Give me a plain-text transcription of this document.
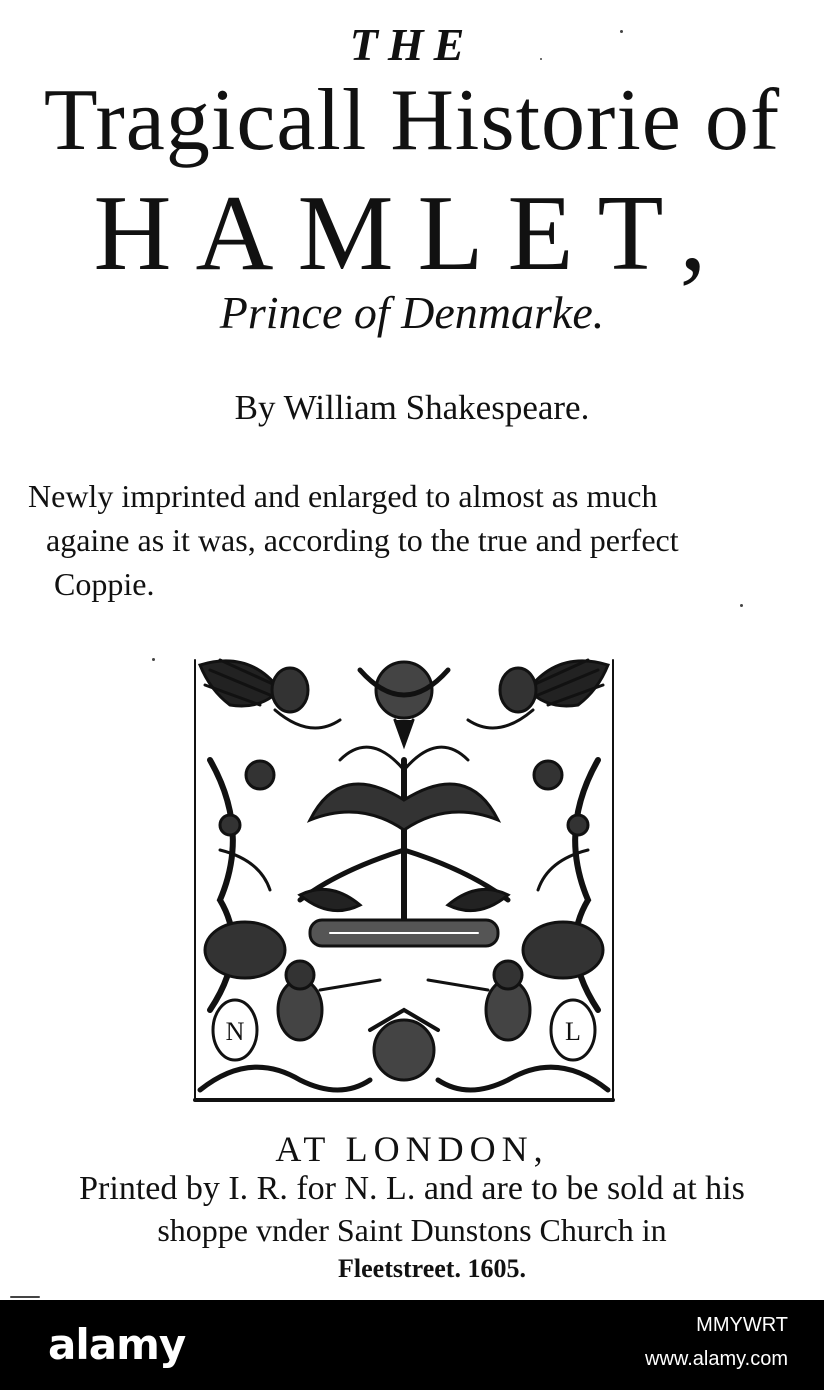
THE
Tragicall Historie of
HAMLET,
Prince of Denmarke.
By William Shakespeare.
Newly imprinted and enlarged to almost as much
againe as it was, according to the true and perfect
Coppie.
N	L
AT LONDON,
Printed by I. R. for N. L. and are to be sold at his
shoppe vnder Saint Dunstons Church in
Fleetstreet. 1605.
alamy	MMYWRT
www.alamy.com
